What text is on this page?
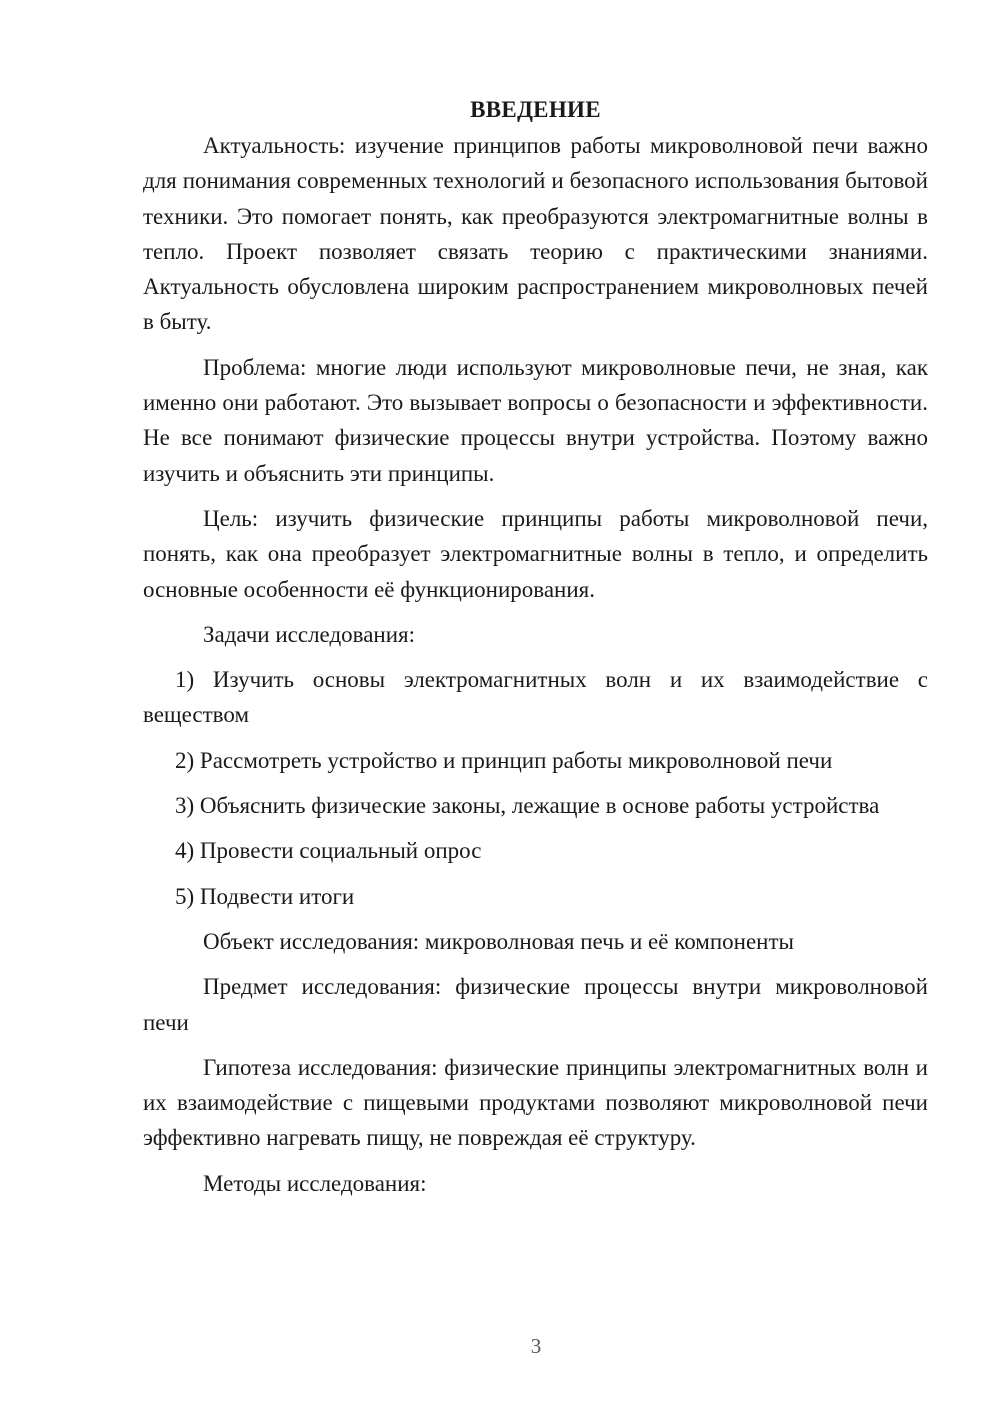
ВВЕДЕНИЕ

Актуальность: изучение принципов работы микроволновой печи важно для понимания современных технологий и безопасного использования бытовой техники. Это помогает понять, как преобразуются электромагнитные волны в тепло. Проект позволяет связать теорию с практическими знаниями. Актуальность обусловлена широким распространением микроволновых печей в быту.

Проблема: многие люди используют микроволновые печи, не зная, как именно они работают. Это вызывает вопросы о безопасности и эффективности. Не все понимают физические процессы внутри устройства. Поэтому важно изучить и объяснить эти принципы.

Цель: изучить физические принципы работы микроволновой печи, понять, как она преобразует электромагнитные волны в тепло, и определить основные особенности её функционирования.

Задачи исследования:

1) Изучить основы электромагнитных волн и их взаимодействие с веществом

2) Рассмотреть устройство и принцип работы микроволновой печи

3) Объяснить физические законы, лежащие в основе работы устройства

4) Провести социальный опрос

5) Подвести итоги

Объект исследования: микроволновая печь и её компоненты

Предмет исследования: физические процессы внутри микроволновой печи

Гипотеза исследования: физические принципы электромагнитных волн и их взаимодействие с пищевыми продуктами позволяют микроволновой печи эффективно нагревать пищу, не повреждая её структуру.

Методы исследования:

3
